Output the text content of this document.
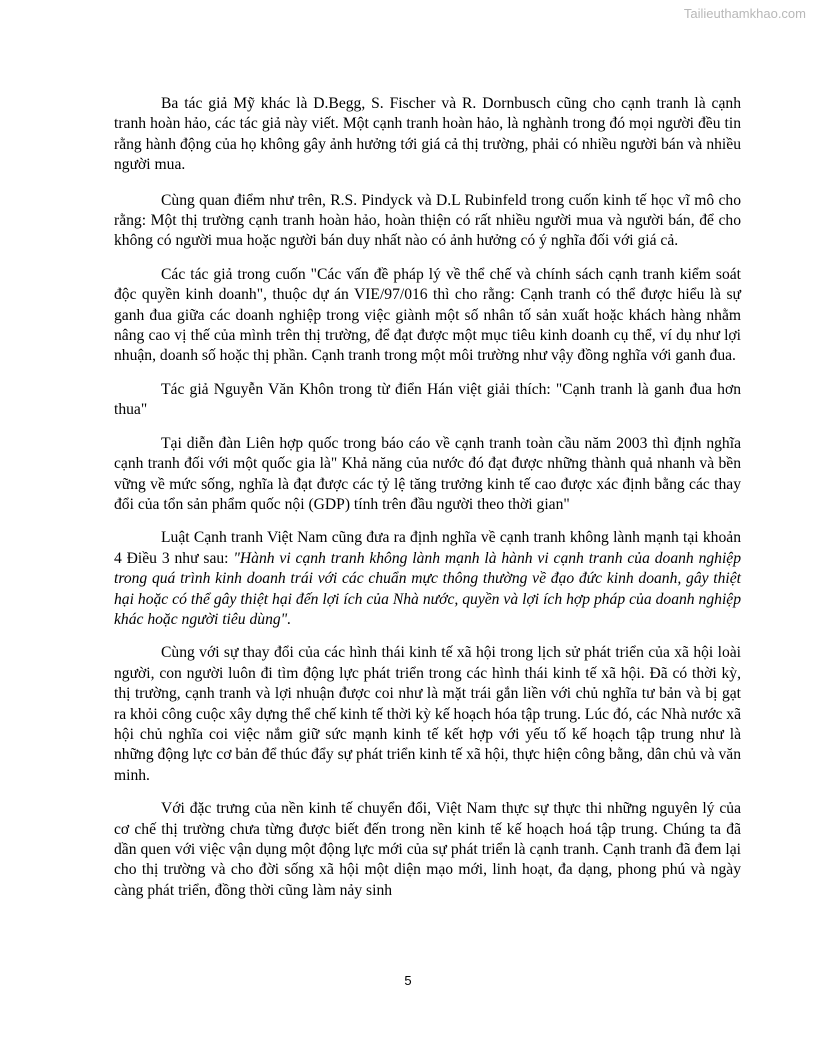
Tailieuthamkhao.com

Ba tác giả Mỹ khác là D.Begg, S. Fischer và R. Dornbusch cũng cho cạnh tranh là cạnh tranh hoàn hảo, các tác giả này viết. Một cạnh tranh hoàn hảo, là nghành trong đó mọi người đều tin rằng hành động của họ không gây ảnh hưởng tới giá cả thị trường, phải có nhiều người bán và nhiều người mua.

Cùng quan điểm như trên, R.S. Pindyck và D.L Rubinfeld trong cuốn kinh tế học vĩ mô cho rằng: Một thị trường cạnh tranh hoàn hảo, hoàn thiện có rất nhiều người mua và người bán, để cho không có người mua hoặc người bán duy nhất nào có ảnh hưởng có ý nghĩa đối với giá cả.

Các tác giả trong cuốn "Các vấn đề pháp lý về thể chế và chính sách cạnh tranh kiểm soát độc quyền kinh doanh", thuộc dự án VIE/97/016 thì cho rằng: Cạnh tranh có thể được hiểu là sự ganh đua giữa các doanh nghiệp trong việc giành một số nhân tố sản xuất hoặc khách hàng nhằm nâng cao vị thế của mình trên thị trường, để đạt được một mục tiêu kinh doanh cụ thể, ví dụ như lợi nhuận, doanh số hoặc thị phần. Cạnh tranh trong một môi trường như vậy đồng nghĩa với ganh đua.

Tác giả Nguyễn Văn Khôn trong từ điển Hán việt giải thích: "Cạnh tranh là ganh đua hơn thua"

Tại diễn đàn Liên hợp quốc trong báo cáo về cạnh tranh toàn cầu năm 2003 thì định nghĩa cạnh tranh đối với một quốc gia là" Khả năng của nước đó đạt được những thành quả nhanh và bền vững về mức sống, nghĩa là đạt được các tỷ lệ tăng trưởng kinh tế cao được xác định bằng các thay đổi của tổn sản phẩm quốc nội (GDP) tính trên đầu người theo thời gian"

Luật Cạnh tranh Việt Nam cũng đưa ra định nghĩa về cạnh tranh không lành mạnh tại khoản 4 Điều 3 như sau: "Hành vi cạnh tranh không lành mạnh là hành vi cạnh tranh của doanh nghiệp trong quá trình kinh doanh trái với các chuẩn mực thông thường về đạo đức kinh doanh, gây thiệt hại hoặc có thể gây thiệt hại đến lợi ích của Nhà nước, quyền và lợi ích hợp pháp của doanh nghiệp khác hoặc người tiêu dùng".

Cùng với sự thay đổi của các hình thái kinh tế xã hội trong lịch sử phát triển của xã hội loài người, con người luôn đi tìm động lực phát triển trong các hình thái kinh tế xã hội. Đã có thời kỳ, thị trường, cạnh tranh và lợi nhuận được coi như là mặt trái gắn liền với chủ nghĩa tư bản và bị gạt ra khỏi công cuộc xây dựng thể chế kinh tế thời kỳ kế hoạch hóa tập trung. Lúc đó, các Nhà nước xã hội chủ nghĩa coi việc nắm giữ sức mạnh kinh tế kết hợp với yếu tố kế hoạch tập trung như là những động lực cơ bản để thúc đẩy sự phát triển kinh tế xã hội, thực hiện công bằng, dân chủ và văn minh.

Với đặc trưng của nền kinh tế chuyển đổi, Việt Nam thực sự thực thi những nguyên lý của cơ chế thị trường chưa từng được biết đến trong nền kinh tế kế hoạch hoá tập trung. Chúng ta đã dần quen với việc vận dụng một động lực mới của sự phát triển là cạnh tranh. Cạnh tranh đã đem lại cho thị trường và cho đời sống xã hội một diện mạo mới, linh hoạt, đa dạng, phong phú và ngày càng phát triển, đồng thời cũng làm nảy sinh

5
